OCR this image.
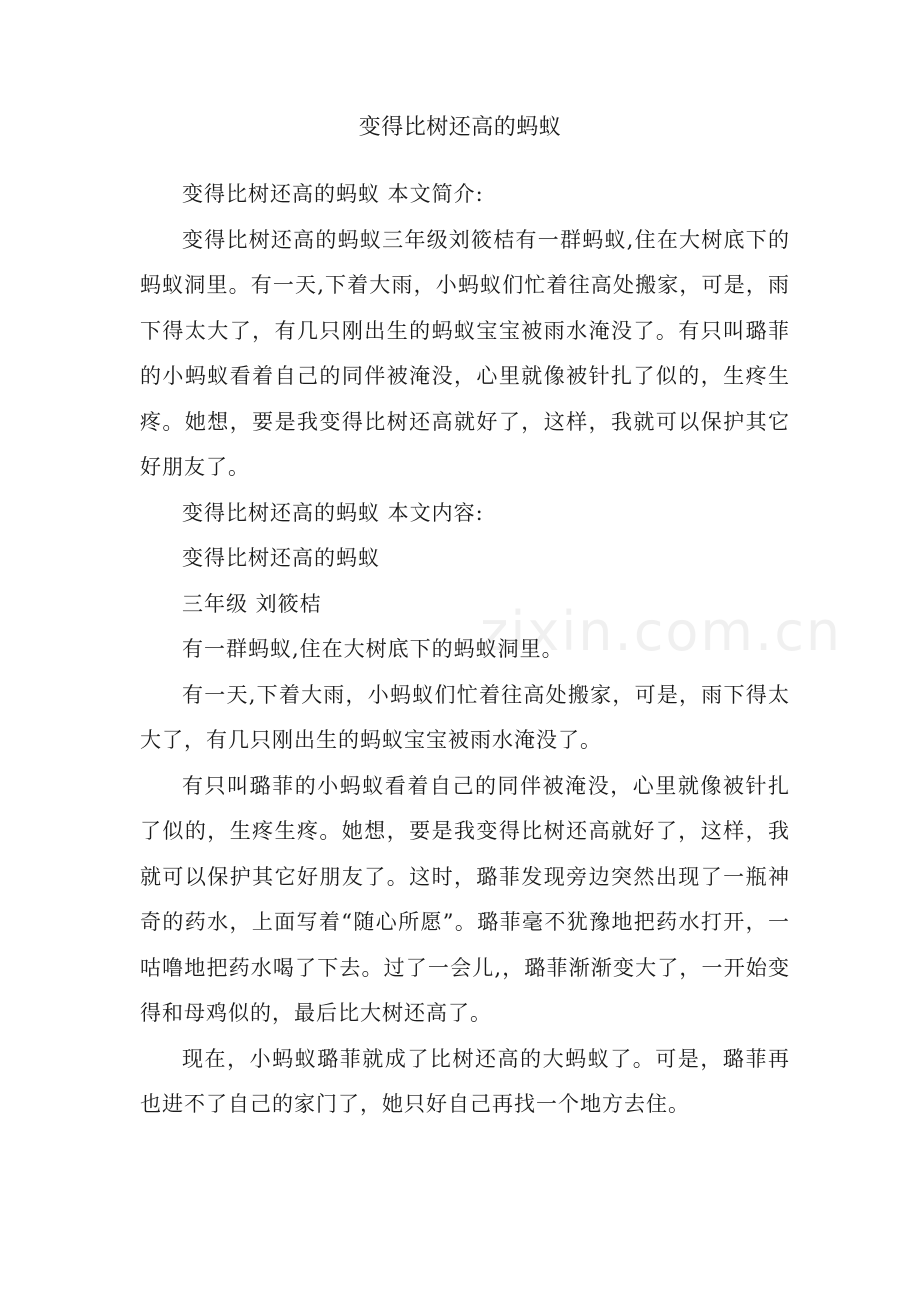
变得比树还高的蚂蚁

变得比树还高的蚂蚁 本文简介:

变得比树还高的蚂蚁三年级刘筱桔有一群蚂蚁,住在大树底下的蚂蚁洞里。有一天,下着大雨，小蚂蚁们忙着往高处搬家，可是，雨下得太大了，有几只刚出生的蚂蚁宝宝被雨水淹没了。有只叫璐菲的小蚂蚁看着自己的同伴被淹没，心里就像被针扎了似的，生疼生疼。她想，要是我变得比树还高就好了，这样，我就可以保护其它好朋友了。

变得比树还高的蚂蚁 本文内容:

变得比树还高的蚂蚁

三年级 刘筱桔

有一群蚂蚁,住在大树底下的蚂蚁洞里。

有一天,下着大雨，小蚂蚁们忙着往高处搬家，可是，雨下得太大了，有几只刚出生的蚂蚁宝宝被雨水淹没了。

有只叫璐菲的小蚂蚁看着自己的同伴被淹没，心里就像被针扎了似的，生疼生疼。她想，要是我变得比树还高就好了，这样，我就可以保护其它好朋友了。这时，璐菲发现旁边突然出现了一瓶神奇的药水，上面写着“随心所愿”。璐菲毫不犹豫地把药水打开，一咕噜地把药水喝了下去。过了一会儿,，璐菲渐渐变大了，一开始变得和母鸡似的，最后比大树还高了。

现在，小蚂蚁璐菲就成了比树还高的大蚂蚁了。可是，璐菲再也进不了自己的家门了，她只好自己再找一个地方去住。

zixin.com.cn
